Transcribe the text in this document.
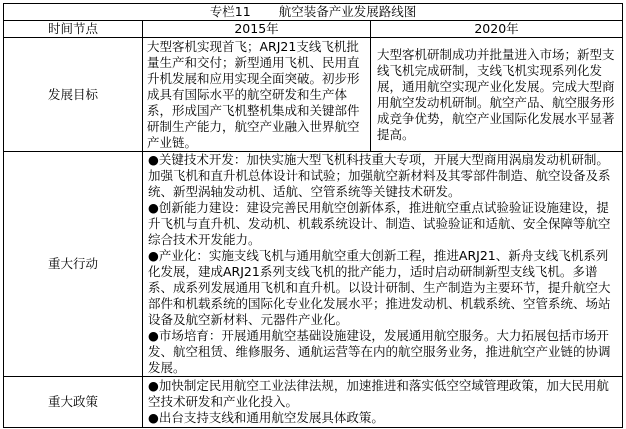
专栏11 航空装备产业发展路线图		
时间节点	2015年	2020年
发展目标	大型客机实现首飞；ARJ21支线飞机批量生产和交付；新型通用飞机、民用直升机发展和应用实现全面突破。初步形成具有国际水平的航空研发和生产体系，形成国产飞机整机集成和关键部件研制生产能力，航空产业融入世界航空产业链。	大型客机研制成功并批量进入市场；新型支线飞机完成研制，支线飞机实现系列化发展，通用航空实现产业化发展。完成大型商用航空发动机研制。航空产品、航空服务形成竞争优势，航空产业国际化发展水平显著提高。
重大行动	●关键技术开发：加快实施大型飞机科技重大专项，开展大型商用涡扇发动机研制。加强飞机和直升机总体设计和试验；加强航空新材料及其零部件制造、航空设备及系统、新型涡轴发动机、适航、空管系统等关键技术研发。

●创新能力建设：建设完善民用航空创新体系，推进航空重点试验验证设施建设，提升飞机与直升机、发动机、机载系统设计、制造、试验验证和适航、安全保障等航空综合技术开发能力。

●产业化：实施支线飞机与通用航空重大创新工程，推进ARJ21、新舟支线飞机系列化发展，建成ARJ21系列支线飞机的批产能力，适时启动研制新型支线飞机。多谱系、成系列发展通用飞机和直升机。以设计研制、生产制造为主要环节，提升航空大部件和机载系统的国际化专业化发展水平；推进发动机、机载系统、空管系统、场站设备及航空新材料、元器件产业化。

●市场培育：开展通用航空基础设施建设，发展通用航空服务。大力拓展包括市场开发、航空租赁、维修服务、通航运营等在内的航空服务业务，推进航空产业链的协调发展。	

重大政策	●加快制定民用航空工业法律法规，加速推进和落实低空空域管理政策，加大民用航空技术研发和产业化投入。

●出台支持支线和通用航空发展具体政策。	
